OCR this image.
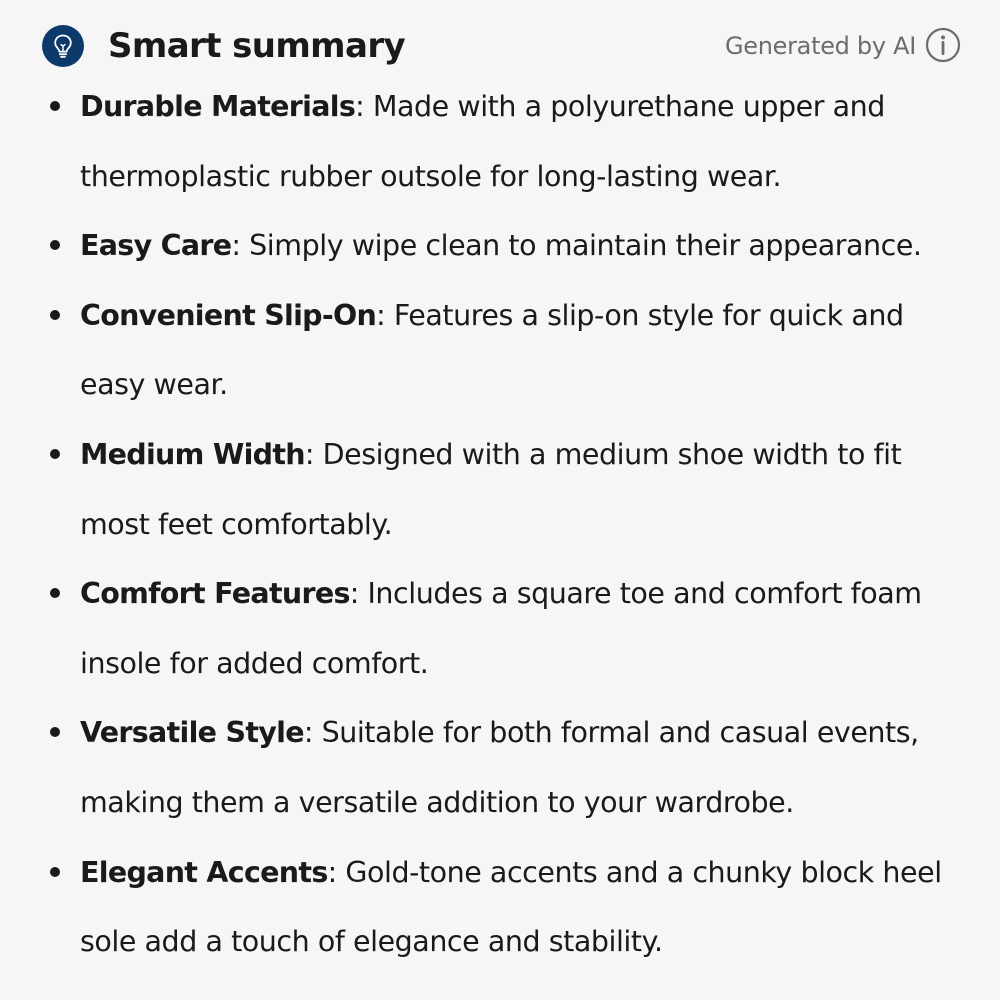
Smart summary	Generated by AI
Durable Materials: Made with a polyurethane upper and thermoplastic rubber outsole for long-lasting wear.
Easy Care: Simply wipe clean to maintain their appearance.
Convenient Slip-On: Features a slip-on style for quick and easy wear.
Medium Width: Designed with a medium shoe width to fit most feet comfortably.
Comfort Features: Includes a square toe and comfort foam insole for added comfort.
Versatile Style: Suitable for both formal and casual events, making them a versatile addition to your wardrobe.
Elegant Accents: Gold-tone accents and a chunky block heel sole add a touch of elegance and stability.
